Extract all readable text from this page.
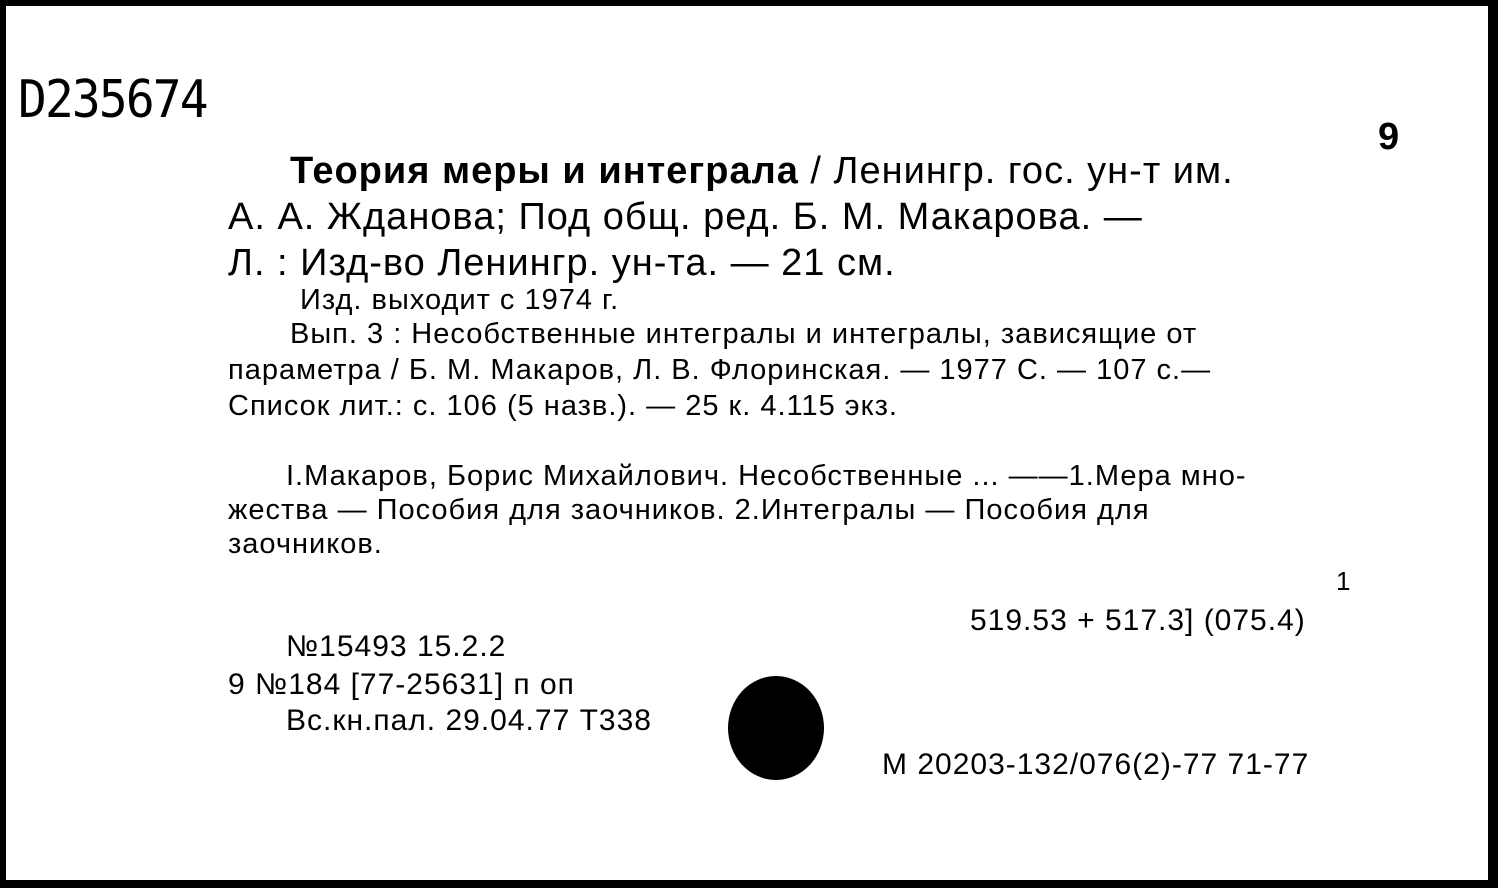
D235674
9
Теория меры и интеграла / Ленингр. гос. ун-т им.
А. А. Жданова; Под общ. ред. Б. М. Макарова. —
Л. : Изд-во Ленингр. ун-та. — 21 см.
Изд. выходит с 1974 г.
Вып. 3 : Несобственные интегралы и интегралы, зависящие от
параметра / Б. М. Макаров, Л. В. Флоринская. — 1977 С. — 107 с.—
Список лит.: с. 106 (5 назв.). — 25 к. 4.115 экз.
I.Макаров, Борис Михайлович. Несобственные ... ——1.Мера мно-
жества — Пособия для заочников. 2.Интегралы — Пособия для
заочников.
1
519.53 + 517.3] (075.4)
№15493 15.2.2
9 №184 [77-25631] п оп
Вс.кн.пал. 29.04.77 Т338
М 20203-132/076(2)-77 71-77
